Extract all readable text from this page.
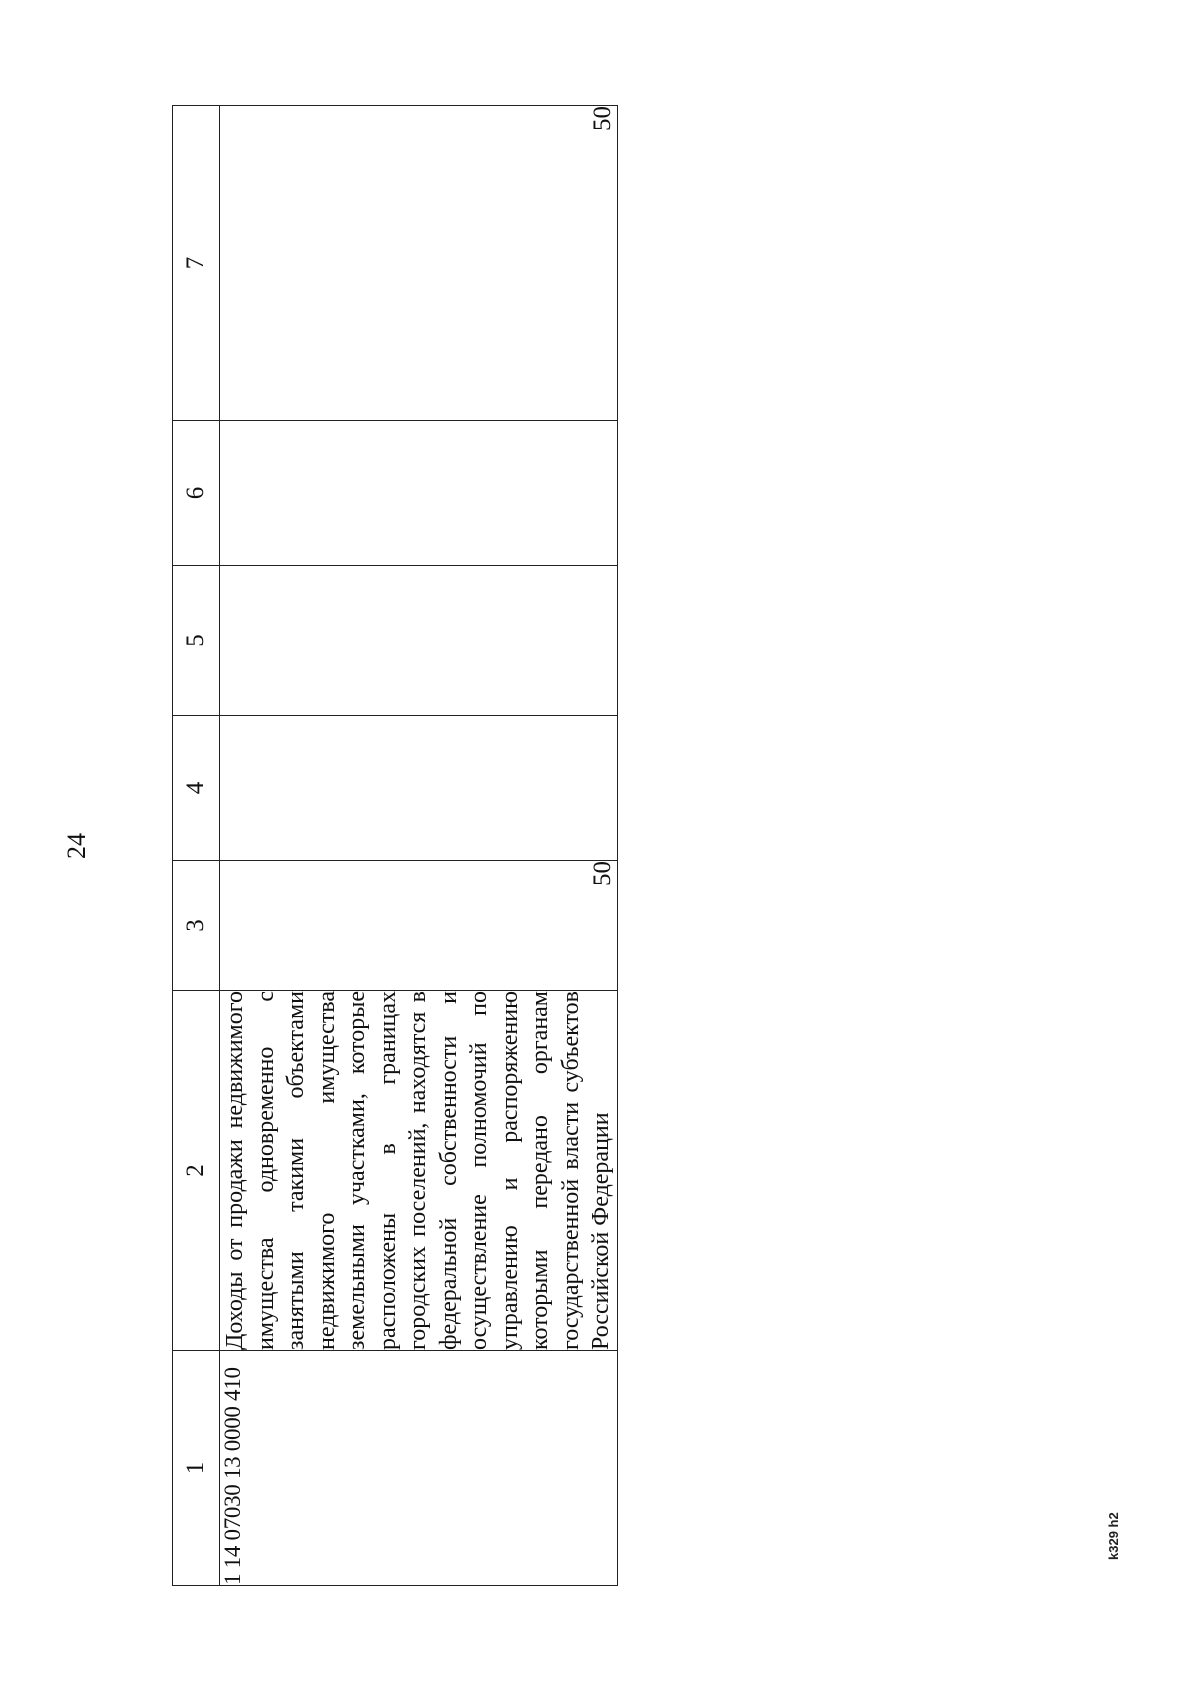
24
1	2	3	4	5	6	7
1 14 07030 13 0000 410	Доходы от продажи недвижимого имущества одновременно с занятыми такими объектами недвижимого имущества земельными участками, которые расположены в границах городских поселений, находятся в федеральной собственности и осуществление полномочий по управлению и распоряжению которыми передано органам государственной власти субъектов Российской Федерации	50				50
k329 h2
